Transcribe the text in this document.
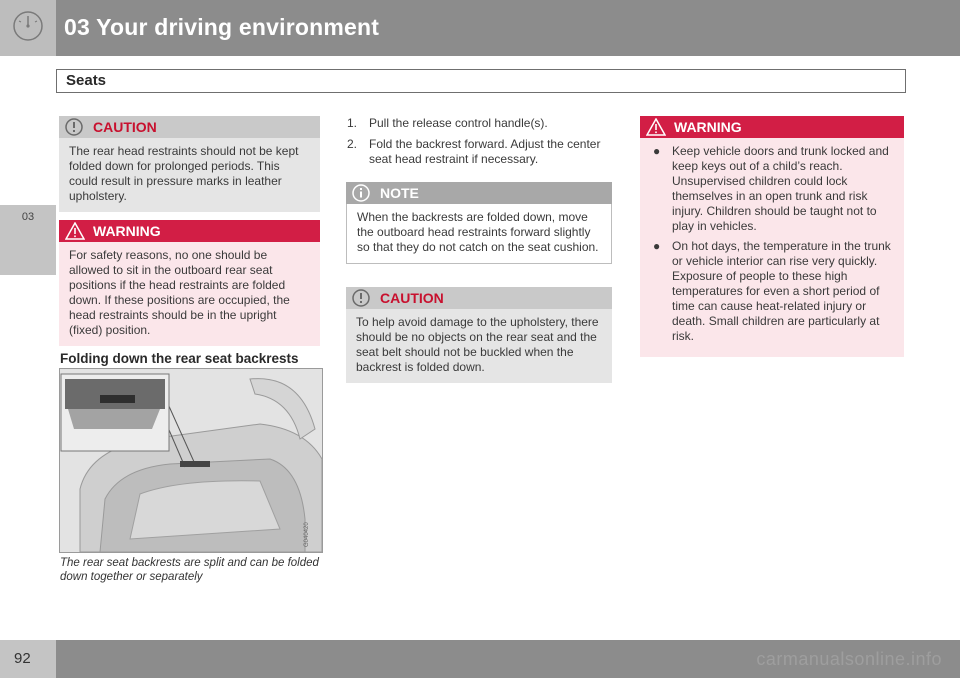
03 Your driving environment
Seats
03
CAUTION
The rear head restraints should not be kept folded down for prolonged periods. This could result in pressure marks in leather upholstery.
WARNING
For safety reasons, no one should be allowed to sit in the outboard rear seat positions if the head restraints are folded down. If these positions are occupied, the head restraints should be in the upright (fixed) position.
Folding down the rear seat backrests
G040420
The rear seat backrests are split and can be folded down together or separately
1. Pull the release control handle(s).
2. Fold the backrest forward. Adjust the center seat head restraint if necessary.
NOTE
When the backrests are folded down, move the outboard head restraints forward slightly so that they do not catch on the seat cushion.
CAUTION
To help avoid damage to the upholstery, there should be no objects on the rear seat and the seat belt should not be buckled when the backrest is folded down.
WARNING
● Keep vehicle doors and trunk locked and keep keys out of a child’s reach. Unsupervised children could lock themselves in an open trunk and risk injury. Children should be taught not to play in vehicles.
● On hot days, the temperature in the trunk or vehicle interior can rise very quickly. Exposure of people to these high temperatures for even a short period of time can cause heat-related injury or death. Small children are particularly at risk.
92	carmanualsonline.info
